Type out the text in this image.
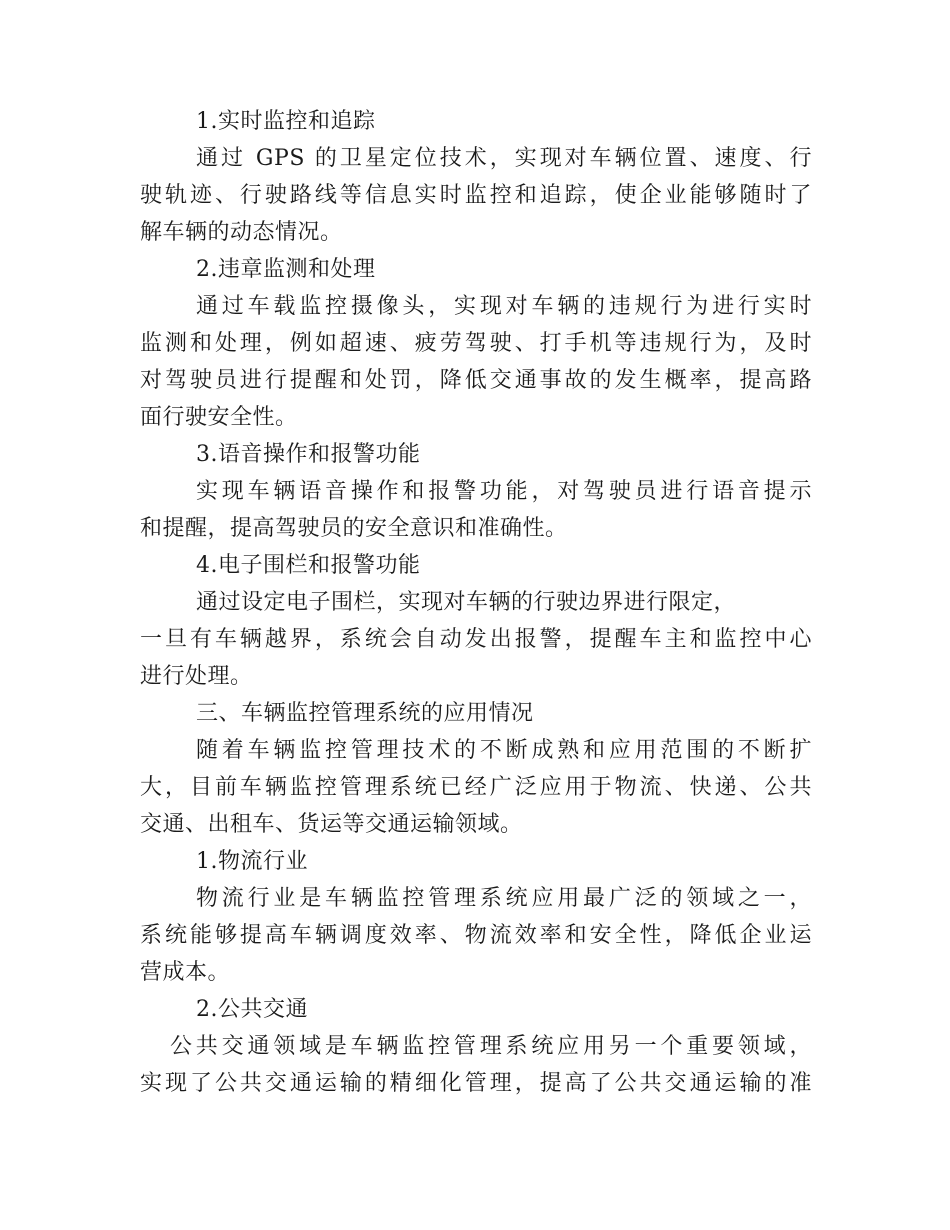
1.实时监控和追踪
通过 GPS 的卫星定位技术，实现对车辆位置、速度、行
驶轨迹、行驶路线等信息实时监控和追踪，使企业能够随时了
解车辆的动态情况。
2.违章监测和处理
通过车载监控摄像头，实现对车辆的违规行为进行实时
监测和处理，例如超速、疲劳驾驶、打手机等违规行为，及时
对驾驶员进行提醒和处罚，降低交通事故的发生概率，提高路
面行驶安全性。
3.语音操作和报警功能
实现车辆语音操作和报警功能，对驾驶员进行语音提示
和提醒，提高驾驶员的安全意识和准确性。
4.电子围栏和报警功能
通过设定电子围栏，实现对车辆的行驶边界进行限定，
一旦有车辆越界，系统会自动发出报警，提醒车主和监控中心
进行处理。
三、车辆监控管理系统的应用情况
随着车辆监控管理技术的不断成熟和应用范围的不断扩
大，目前车辆监控管理系统已经广泛应用于物流、快递、公共
交通、出租车、货运等交通运输领域。
1.物流行业
物流行业是车辆监控管理系统应用最广泛的领域之一，
系统能够提高车辆调度效率、物流效率和安全性，降低企业运
营成本。
2.公共交通
公共交通领域是车辆监控管理系统应用另一个重要领域，
实现了公共交通运输的精细化管理，提高了公共交通运输的准
